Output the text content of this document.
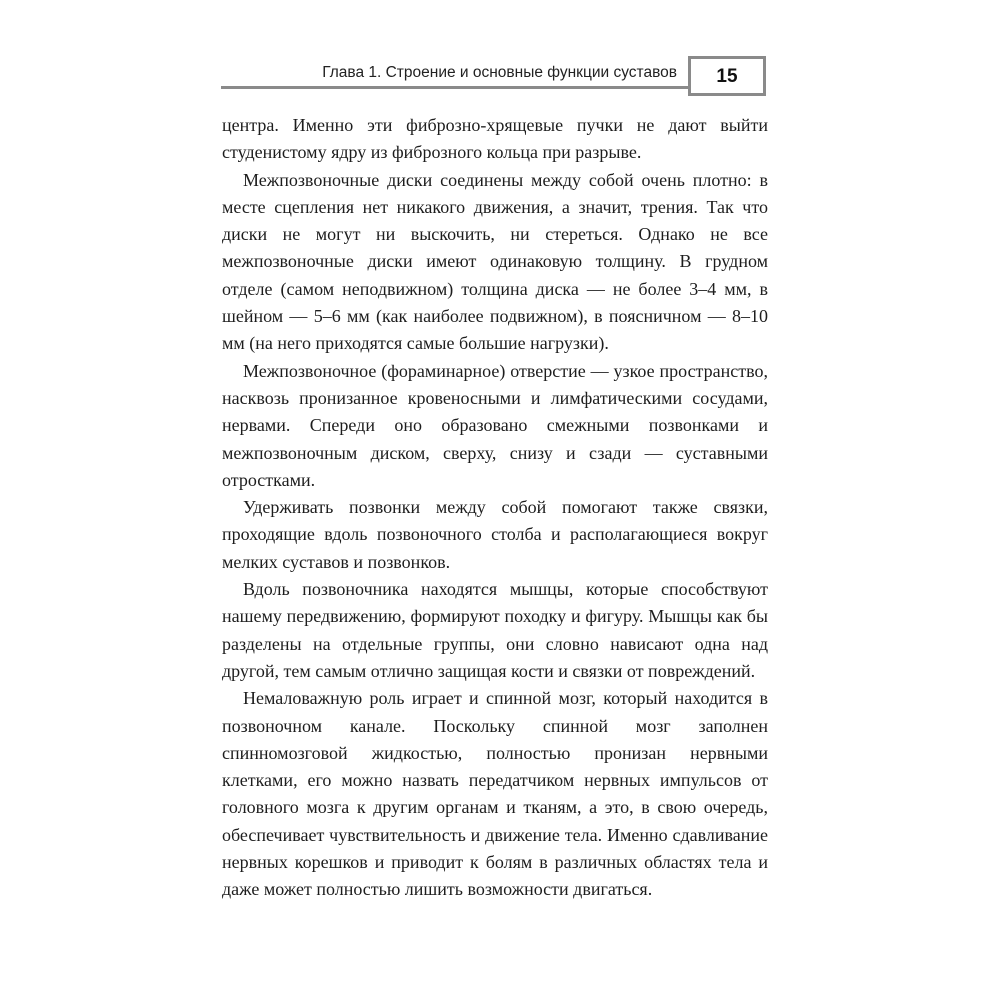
Глава 1. Строение и основные функции суставов	15

центра. Именно эти фиброзно-хрящевые пучки не дают выйти студенистому ядру из фиброзного кольца при разрыве.

Межпозвоночные диски соединены между собой очень плотно: в месте сцепления нет никакого движения, а значит, трения. Так что диски не могут ни выскочить, ни стереться. Однако не все межпозвоночные диски имеют одинаковую толщину. В грудном отделе (самом неподвижном) толщина диска — не более 3–4 мм, в шейном — 5–6 мм (как наиболее подвижном), в поясничном — 8–10 мм (на него приходятся самые большие нагрузки).

Межпозвоночное (фораминарное) отверстие — узкое пространство, насквозь пронизанное кровеносными и лимфатическими сосудами, нервами. Спереди оно образовано смежными позвонками и межпозвоночным диском, сверху, снизу и сзади — суставными отростками.

Удерживать позвонки между собой помогают также связки, проходящие вдоль позвоночного столба и располагающиеся вокруг мелких суставов и позвонков.

Вдоль позвоночника находятся мышцы, которые способствуют нашему передвижению, формируют походку и фигуру. Мышцы как бы разделены на отдельные группы, они словно нависают одна над другой, тем самым отлично защищая кости и связки от повреждений.

Немаловажную роль играет и спинной мозг, который находится в позвоночном канале. Поскольку спинной мозг заполнен спинномозговой жидкостью, полностью пронизан нервными клетками, его можно назвать передатчиком нервных импульсов от головного мозга к другим органам и тканям, а это, в свою очередь, обеспечивает чувствительность и движение тела. Именно сдавливание нервных корешков и приводит к болям в различных областях тела и даже может полностью лишить возможности двигаться.
